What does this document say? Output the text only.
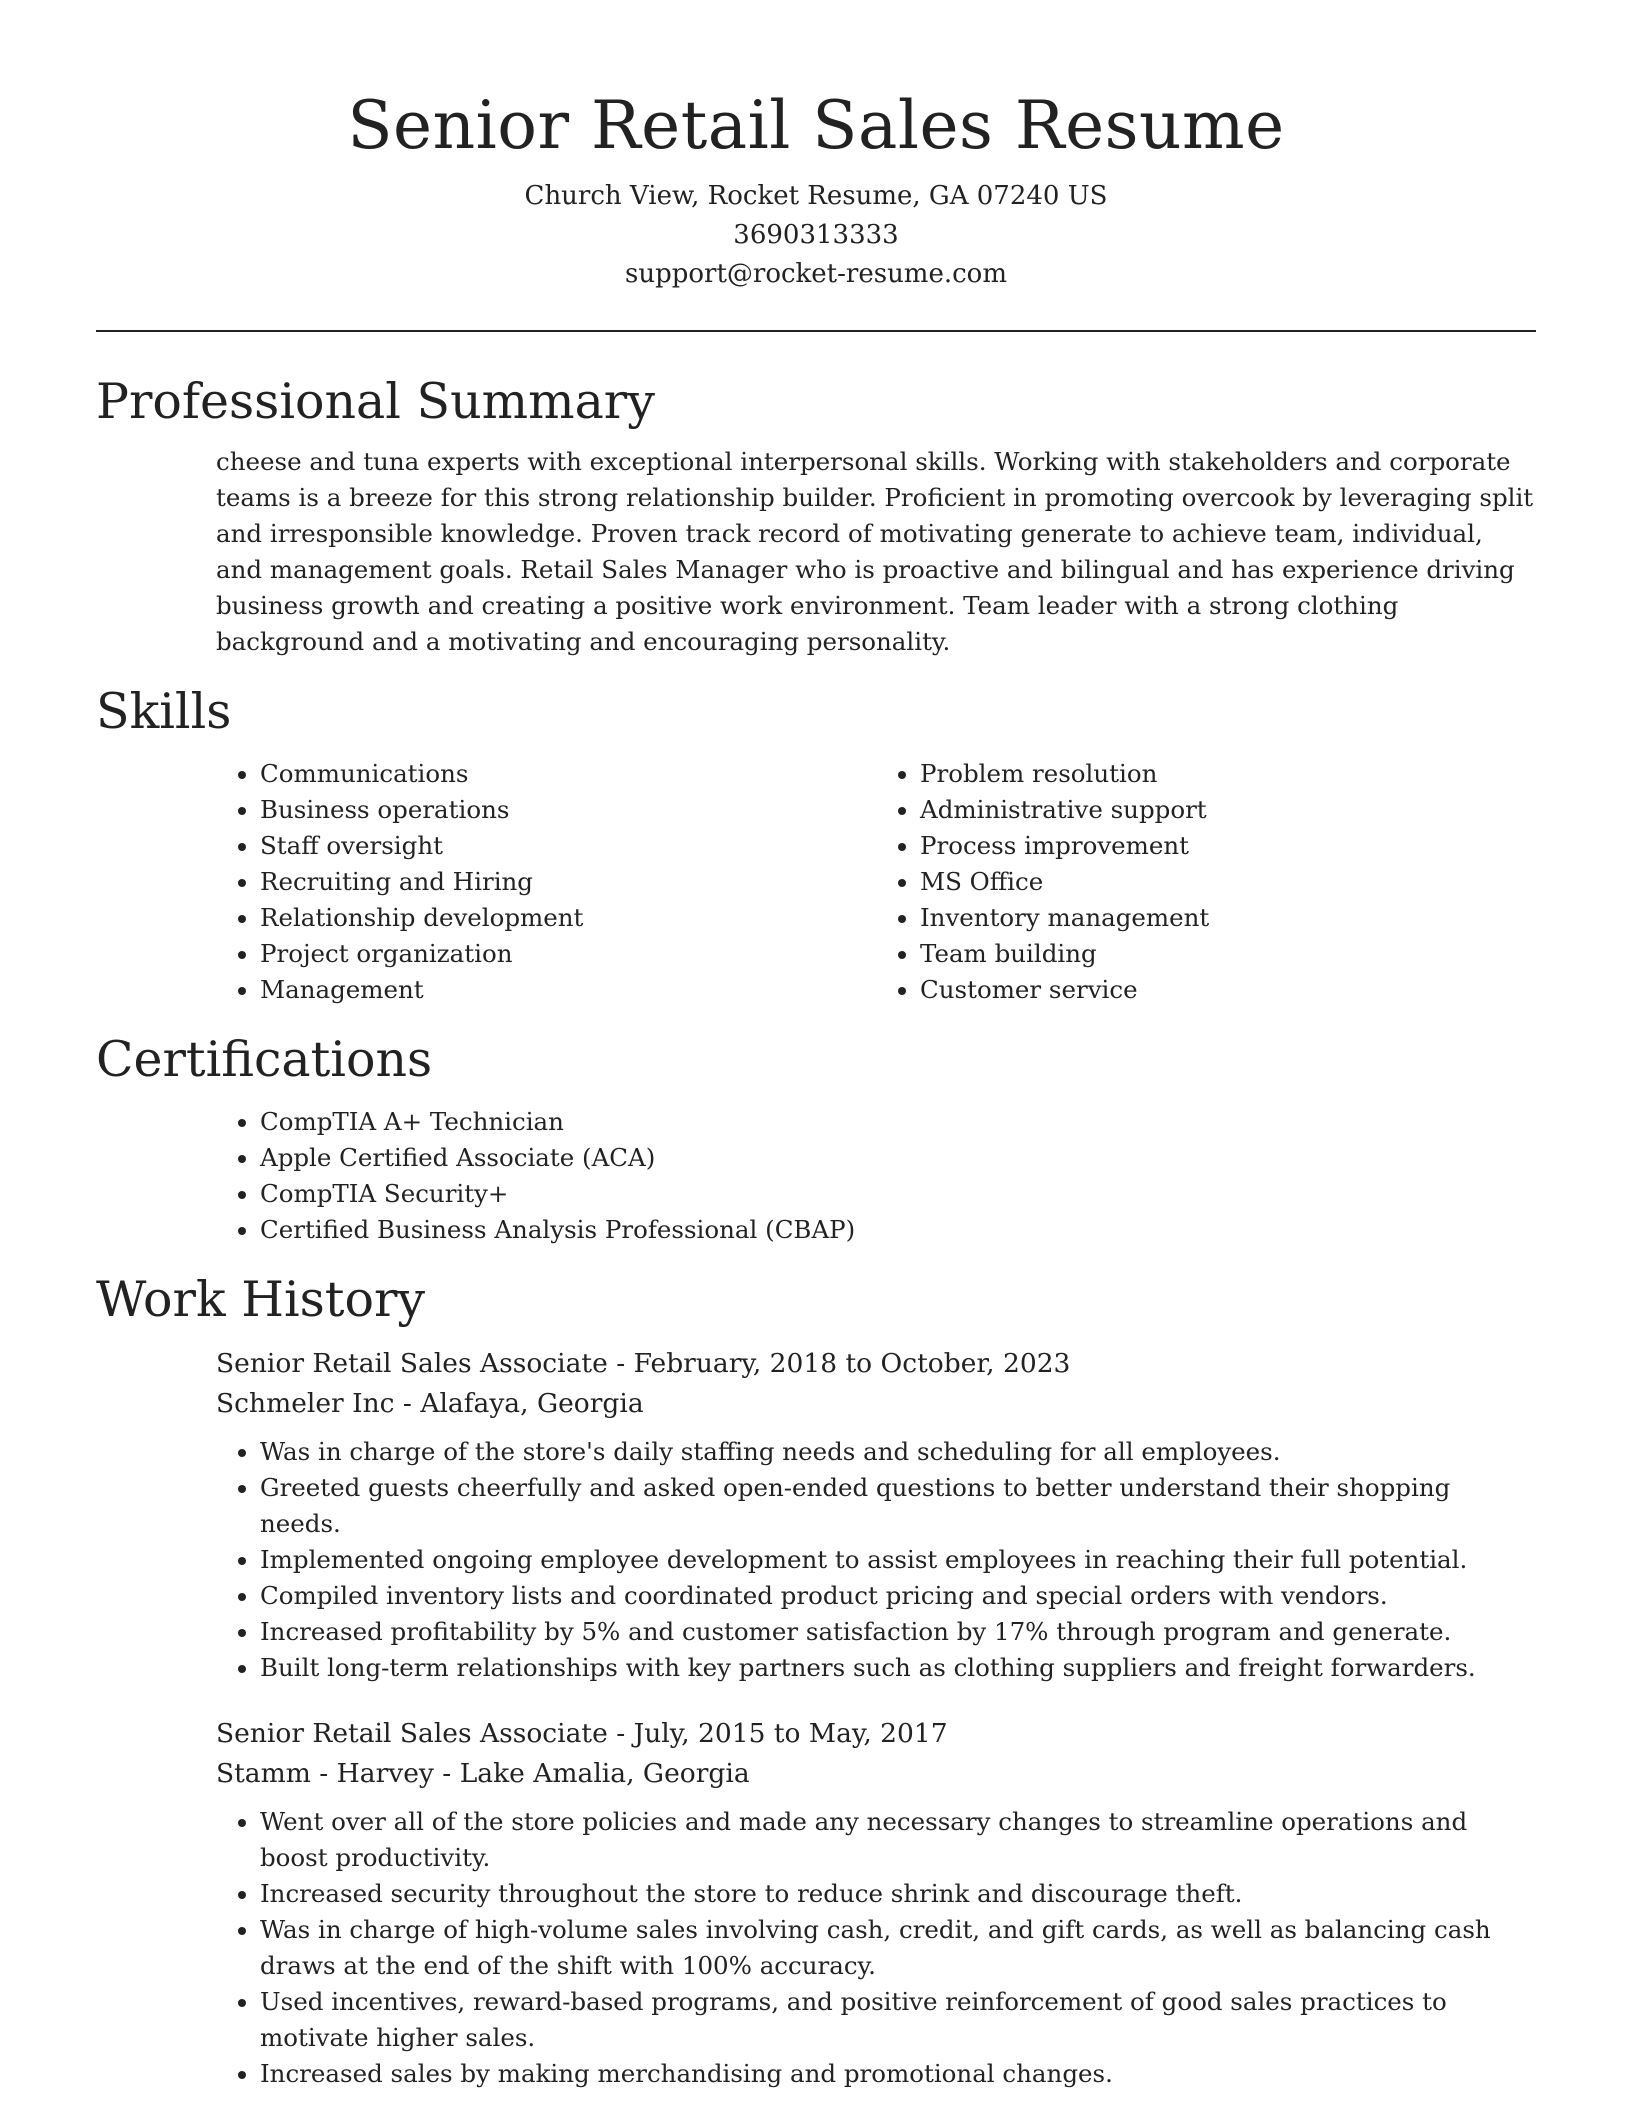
Senior Retail Sales Resume

Church View, Rocket Resume, GA 07240 US

3690313333

support@rocket-resume.com

Professional Summary

cheese and tuna experts with exceptional interpersonal skills. Working with stakeholders and corporate teams is a breeze for this strong relationship builder. Proficient in promoting overcook by leveraging split and irresponsible knowledge. Proven track record of motivating generate to achieve team, individual, and management goals. Retail Sales Manager who is proactive and bilingual and has experience driving business growth and creating a positive work environment. Team leader with a strong clothing background and a motivating and encouraging personality.

Skills
• Communications
• Business operations
• Staff oversight
• Recruiting and Hiring
• Relationship development
• Project organization
• Management
• Problem resolution
• Administrative support
• Process improvement
• MS Office
• Inventory management
• Team building
• Customer service
Certifications
• CompTIA A+ Technician
• Apple Certified Associate (ACA)
• CompTIA Security+
• Certified Business Analysis Professional (CBAP)
Work History

Senior Retail Sales Associate - February, 2018 to October, 2023

Schmeler Inc - Alafaya, Georgia

• Was in charge of the store's daily staffing needs and scheduling for all employees.
• Greeted guests cheerfully and asked open-ended questions to better understand their shopping needs.
• Implemented ongoing employee development to assist employees in reaching their full potential.
• Compiled inventory lists and coordinated product pricing and special orders with vendors.
• Increased profitability by 5% and customer satisfaction by 17% through program and generate.
• Built long-term relationships with key partners such as clothing suppliers and freight forwarders.

Senior Retail Sales Associate - July, 2015 to May, 2017

Stamm - Harvey - Lake Amalia, Georgia

• Went over all of the store policies and made any necessary changes to streamline operations and boost productivity.
• Increased security throughout the store to reduce shrink and discourage theft.
• Was in charge of high-volume sales involving cash, credit, and gift cards, as well as balancing cash draws at the end of the shift with 100% accuracy.
• Used incentives, reward-based programs, and positive reinforcement of good sales practices to motivate higher sales.
• Increased sales by making merchandising and promotional changes.
